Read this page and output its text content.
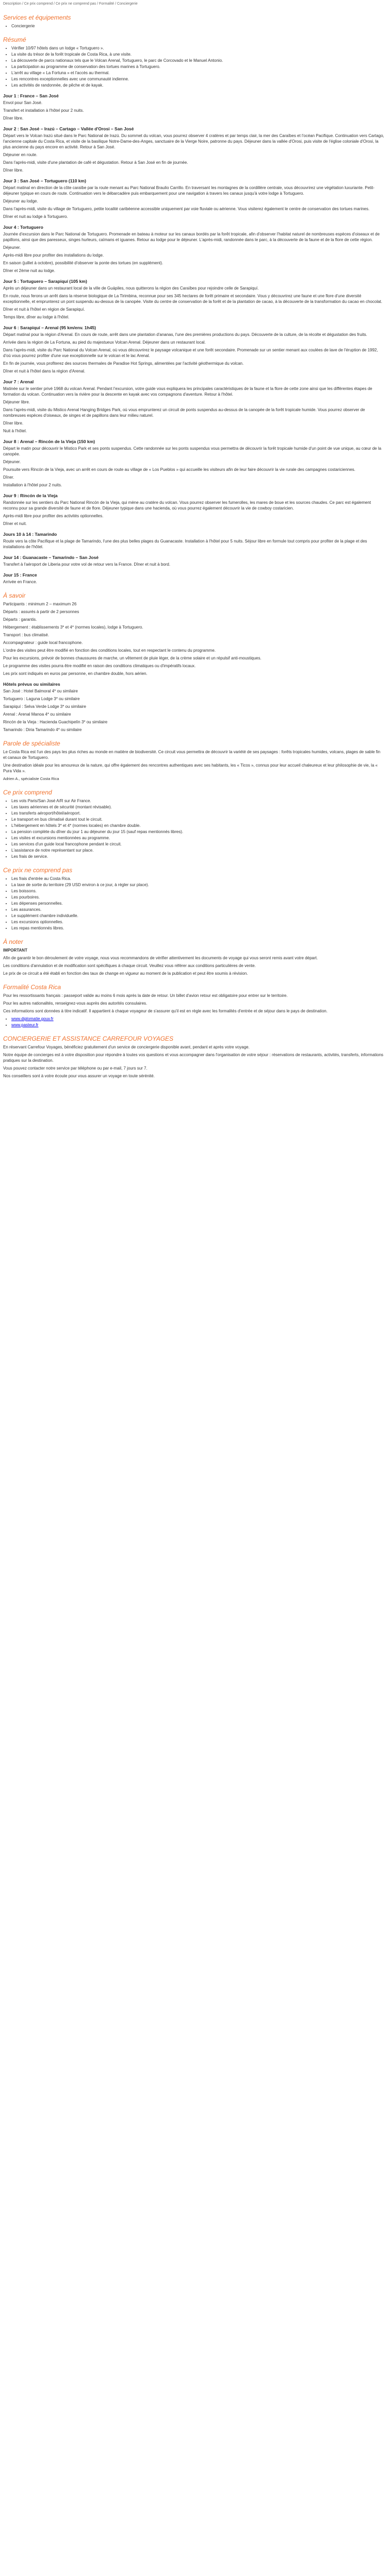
Description / Ce prix comprend / Ce prix ne comprend pas / Formalité / Conciergerie
Services et équipements
• Conciergerie
Résumé
• Vérifier 10/97 hôtels dans un lodge « Tortuguero ».
• La visite du trésor de la forêt tropicale de Costa Rica, à une visite.
• La découverte de parcs nationaux tels que le Volcan Arenal, Tortuguero, le parc de Corcovado et le Manuel Antonio.
• La participation au programme de conservation des tortues marines à Tortuguero.
• L'arrêt au village « La Fortuna » et l'accès au thermal.
• Les rencontres exceptionnelles avec une communauté indienne.
• Les activités de randonnée, de pêche et de kayak.
Jour 1 : France – San José

Envol pour San José.

Transfert et installation à l'hôtel pour 2 nuits.

Dîner libre.

Jour 2 : San José – Irazú – Cartago – Vallée d'Orosi – San José

Départ vers le Volcan Irazú situé dans le Parc National de Irazú. Du sommet du volcan, vous pourrez observer 4 cratères et par temps clair, la mer des Caraïbes et l'océan Pacifique. Continuation vers Cartago, l'ancienne capitale du Costa Rica, et visite de la basilique Notre-Dame-des-Anges, sanctuaire de la Vierge Noire, patronne du pays. Déjeuner dans la vallée d'Orosi, puis visite de l'église coloniale d'Orosi, la plus ancienne du pays encore en activité. Retour à San José.

Déjeuner en route.

Dans l'après-midi, visite d'une plantation de café et dégustation. Retour à San José en fin de journée.

Dîner libre.

Jour 3 : San José – Tortuguero (110 km)

Départ matinal en direction de la côte caraïbe par la route menant au Parc National Braulio Carrillo. En traversant les montagnes de la cordillère centrale, vous découvrirez une végétation luxuriante. Petit-déjeuner typique en cours de route. Continuation vers le débarcadère puis embarquement pour une navigation à travers les canaux jusqu'à votre lodge à Tortuguero.

Déjeuner au lodge.

Dans l'après-midi, visite du village de Tortuguero, petite localité caribéenne accessible uniquement par voie fluviale ou aérienne. Vous visiterez également le centre de conservation des tortues marines.

Dîner et nuit au lodge à Tortuguero.

Jour 4 : Tortuguero

Journée d'excursion dans le Parc National de Tortuguero. Promenade en bateau à moteur sur les canaux bordés par la forêt tropicale, afin d'observer l'habitat naturel de nombreuses espèces d'oiseaux et de papillons, ainsi que des paresseux, singes hurleurs, caïmans et iguanes. Retour au lodge pour le déjeuner. L'après-midi, randonnée dans le parc, à la découverte de la faune et de la flore de cette région.

Déjeuner.

Après-midi libre pour profiter des installations du lodge.

En saison (juillet à octobre), possibilité d'observer la ponte des tortues (en supplément).

Dîner et 2ème nuit au lodge.

Jour 5 : Tortuguero – Sarapiquí (105 km)

Après un déjeuner dans un restaurant local de la ville de Guápiles, nous quitterons la région des Caraïbes pour rejoindre celle de Sarapiquí.

En route, nous ferons un arrêt dans la réserve biologique de La Tirimbina, reconnue pour ses 345 hectares de forêt primaire et secondaire. Vous y découvrirez une faune et une flore d'une diversité exceptionnelle, et emprunterez un pont suspendu au-dessus de la canopée. Visite du centre de conservation de la forêt et de la plantation de cacao, à la découverte de la transformation du cacao en chocolat.

Dîner et nuit à l'hôtel en région de Sarapiquí.

Temps libre, dîner au lodge à l'hôtel.

Jour 6 : Sarapiquí – Arenal (95 km/env. 1h45)

Départ matinal pour la région d'Arenal. En cours de route, arrêt dans une plantation d'ananas, l'une des premières productions du pays. Découverte de la culture, de la récolte et dégustation des fruits.

Arrivée dans la région de La Fortuna, au pied du majestueux Volcan Arenal. Déjeuner dans un restaurant local.

Dans l'après-midi, visite du Parc National du Volcan Arenal, où vous découvrirez le paysage volcanique et une forêt secondaire. Promenade sur un sentier menant aux coulées de lave de l'éruption de 1992, d'où vous pourrez profiter d'une vue exceptionnelle sur le volcan et le lac Arenal.

En fin de journée, vous profiterez des sources thermales de Paradise Hot Springs, alimentées par l'activité géothermique du volcan.

Dîner et nuit à l'hôtel dans la région d'Arenal.

Jour 7 : Arenal

Matinée sur le sentier privé 1968 du volcan Arenal. Pendant l'excursion, votre guide vous expliquera les principales caractéristiques de la faune et la flore de cette zone ainsi que les différentes étapes de formation du volcan. Continuation vers la rivière pour la descente en kayak avec vos compagnons d'aventure. Retour à l'hôtel.

Déjeuner libre.

Dans l'après-midi, visite du Mistico Arenal Hanging Bridges Park, où vous emprunterez un circuit de ponts suspendus au-dessus de la canopée de la forêt tropicale humide. Vous pourrez observer de nombreuses espèces d'oiseaux, de singes et de papillons dans leur milieu naturel.

Dîner libre.

Nuit à l'hôtel.

Jour 8 : Arenal – Rincón de la Vieja (150 km)

Départ le matin pour découvrir le Mistico Park et ses ponts suspendus. Cette randonnée sur les ponts suspendus vous permettra de découvrir la forêt tropicale humide d'un point de vue unique, au cœur de la canopée.

Déjeuner.

Poursuite vers Rincón de la Vieja, avec un arrêt en cours de route au village de « Los Pueblos » qui accueille les visiteurs afin de leur faire découvrir la vie rurale des campagnes costariciennes.

Dîner.

Installation à l'hôtel pour 2 nuits.

Jour 9 : Rincón de la Vieja

Randonnée sur les sentiers du Parc National Rincón de la Vieja, qui mène au cratère du volcan. Vous pourrez observer les fumerolles, les mares de boue et les sources chaudes. Ce parc est également reconnu pour sa grande diversité de faune et de flore. Déjeuner typique dans une hacienda, où vous pourrez également découvrir la vie de cowboy costaricien.

Après-midi libre pour profiter des activités optionnelles.

Dîner et nuit.

Jours 10 à 14 : Tamarindo

Route vers la côte Pacifique et la plage de Tamarindo, l'une des plus belles plages du Guanacaste. Installation à l'hôtel pour 5 nuits. Séjour libre en formule tout compris pour profiter de la plage et des installations de l'hôtel.

Jour 14 : Guanacaste – Tamarindo – San José

Transfert à l'aéroport de Liberia pour votre vol de retour vers la France. Dîner et nuit à bord.

Jour 15 : France

Arrivée en France.

À savoir

Participants : minimum 2 – maximum 26

Départs : assurés à partir de 2 personnes

Départs : garantis.

Hébergement : établissements 3* et 4* (normes locales), lodge à Tortuguero.

Transport : bus climatisé.

Accompagnateur : guide local francophone.

L'ordre des visites peut être modifié en fonction des conditions locales, tout en respectant le contenu du programme.

Pour les excursions, prévoir de bonnes chaussures de marche, un vêtement de pluie léger, de la crème solaire et un répulsif anti-moustiques.

Le programme des visites pourra être modifié en raison des conditions climatiques ou d'impératifs locaux.

Les prix sont indiqués en euros par personne, en chambre double, hors aérien.

Hôtels prévus ou similaires

San José : Hotel Balmoral 4* ou similaire

Tortuguero : Laguna Lodge 3* ou similaire

Sarapiquí : Selva Verde Lodge 3* ou similaire

Arenal : Arenal Manoa 4* ou similaire

Rincón de la Vieja : Hacienda Guachipelín 3* ou similaire

Tamarindo : Diria Tamarindo 4* ou similaire

Parole de spécialiste

Le Costa Rica est l'un des pays les plus riches au monde en matière de biodiversité. Ce circuit vous permettra de découvrir la variété de ses paysages : forêts tropicales humides, volcans, plages de sable fin et canaux de Tortuguero.

Une destination idéale pour les amoureux de la nature, qui offre également des rencontres authentiques avec ses habitants, les « Ticos », connus pour leur accueil chaleureux et leur philosophie de vie, la « Pura Vida ».

Adrien A., spécialiste Costa Rica

Ce prix comprend
• Les vols Paris/San José A/R sur Air France.
• Les taxes aériennes et de sécurité (montant révisable).
• Les transferts aéroport/hôtel/aéroport.
• Le transport en bus climatisé durant tout le circuit.
• L'hébergement en hôtels 3* et 4* (normes locales) en chambre double.
• La pension complète du dîner du jour 1 au déjeuner du jour 15 (sauf repas mentionnés libres).
• Les visites et excursions mentionnées au programme.
• Les services d'un guide local francophone pendant le circuit.
• L'assistance de notre représentant sur place.
• Les frais de service.
Ce prix ne comprend pas
• Les frais d'entrée au Costa Rica.
• La taxe de sortie du territoire (29 USD environ à ce jour, à régler sur place).
• Les boissons.
• Les pourboires.
• Les dépenses personnelles.
• Les assurances.
• Le supplément chambre individuelle.
• Les excursions optionnelles.
• Les repas mentionnés libres.
À noter

IMPORTANT

Afin de garantir le bon déroulement de votre voyage, nous vous recommandons de vérifier attentivement les documents de voyage qui vous seront remis avant votre départ.

Les conditions d'annulation et de modification sont spécifiques à chaque circuit. Veuillez vous référer aux conditions particulières de vente.

Le prix de ce circuit a été établi en fonction des taux de change en vigueur au moment de la publication et peut être soumis à révision.

Formalité Costa Rica

Pour les ressortissants français : passeport valide au moins 6 mois après la date de retour. Un billet d'avion retour est obligatoire pour entrer sur le territoire.

Pour les autres nationalités, renseignez-vous auprès des autorités consulaires.

Ces informations sont données à titre indicatif. Il appartient à chaque voyageur de s'assurer qu'il est en règle avec les formalités d'entrée et de séjour dans le pays de destination.

• www.diplomatie.gouv.fr
• www.pasteur.fr
CONCIERGERIE ET ASSISTANCE CARREFOUR VOYAGES

En réservant Carrefour Voyages, bénéficiez gratuitement d'un service de conciergerie disponible avant, pendant et après votre voyage.

Notre équipe de concierges est à votre disposition pour répondre à toutes vos questions et vous accompagner dans l'organisation de votre séjour : réservations de restaurants, activités, transferts, informations pratiques sur la destination.

Vous pouvez contacter notre service par téléphone ou par e-mail, 7 jours sur 7.

Nos conseillers sont à votre écoute pour vous assurer un voyage en toute sérénité.
